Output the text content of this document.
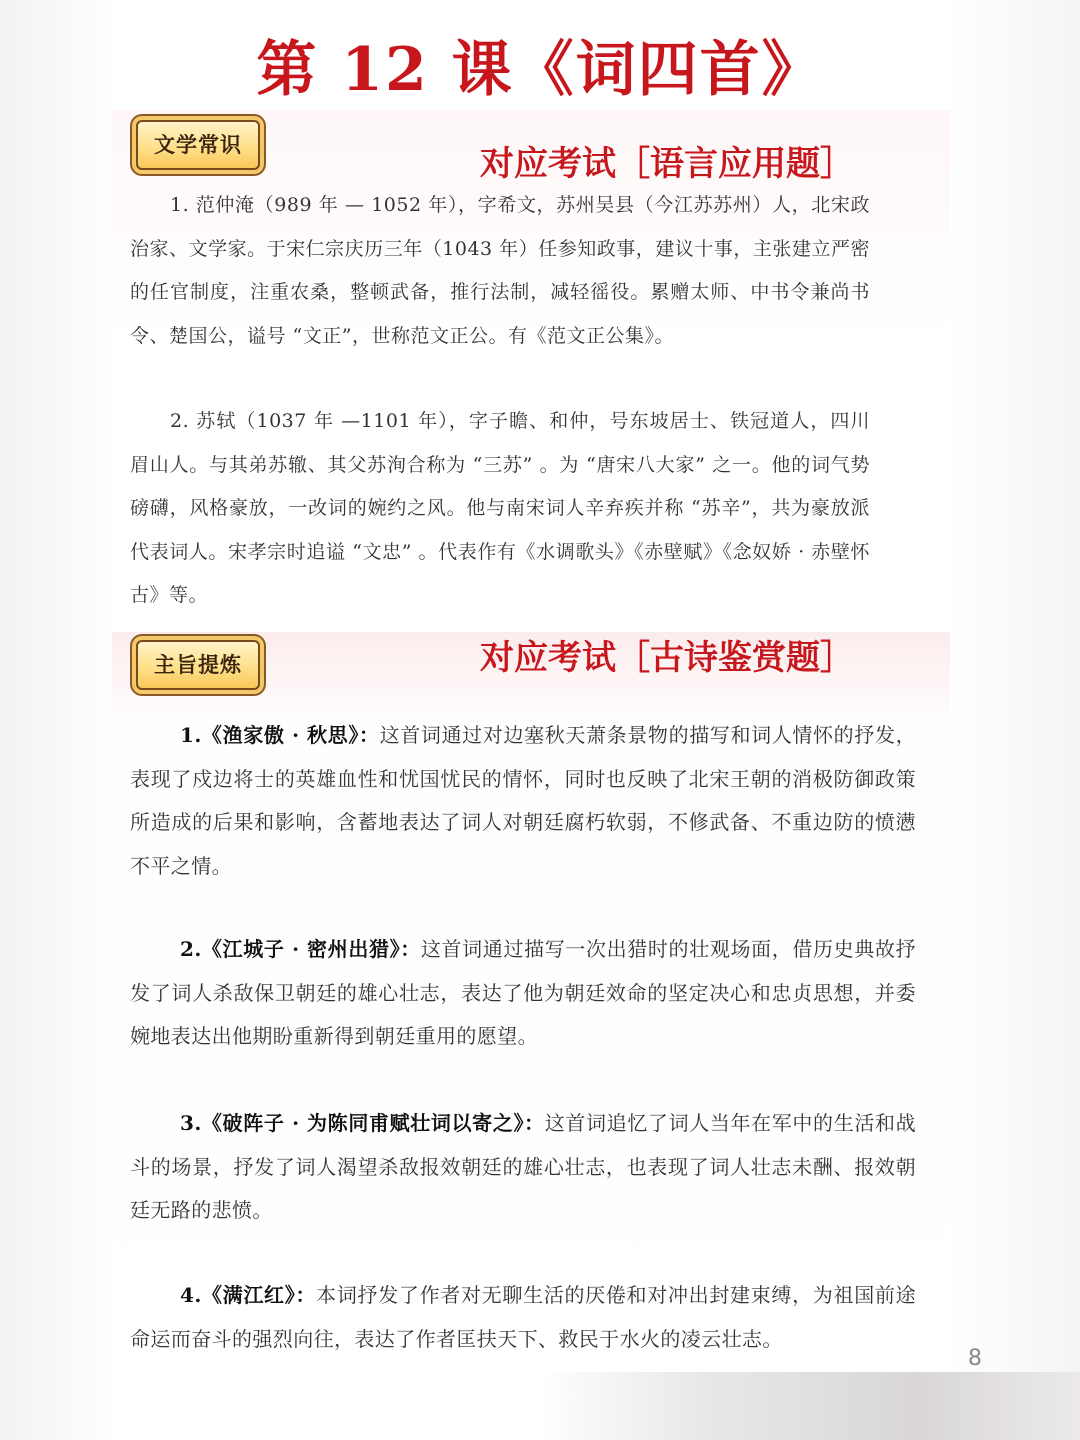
第 12 课《词四首》
文学常识	对应考试［语言应用题］

1. 范仲淹（989 年 — 1052 年），字希文，苏州吴县（今江苏苏州）人，北宋政治家、文学家。于宋仁宗庆历三年（1043 年）任参知政事，建议十事，主张建立严密的任官制度，注重农桑，整顿武备，推行法制，减轻徭役。累赠太师、中书令兼尚书令、楚国公，谥号 “文正”，世称范文正公。有《范文正公集》。

2. 苏轼（1037 年 —1101 年），字子瞻、和仲，号东坡居士、铁冠道人，四川眉山人。与其弟苏辙、其父苏洵合称为 “三苏” 。为 “唐宋八大家” 之一。他的词气势磅礴，风格豪放，一改词的婉约之风。他与南宋词人辛弃疾并称 “苏辛”，共为豪放派代表词人。宋孝宗时追谥 “文忠” 。代表作有《水调歌头》《赤壁赋》《念奴娇 · 赤壁怀古》等。

主旨提炼	对应考试［古诗鉴赏题］

1.《渔家傲 · 秋思》：这首词通过对边塞秋天萧条景物的描写和词人情怀的抒发，表现了戍边将士的英雄血性和忧国忧民的情怀，同时也反映了北宋王朝的消极防御政策所造成的后果和影响，含蓄地表达了词人对朝廷腐朽软弱，不修武备、不重边防的愤懑不平之情。

2.《江城子 · 密州出猎》：这首词通过描写一次出猎时的壮观场面，借历史典故抒发了词人杀敌保卫朝廷的雄心壮志，表达了他为朝廷效命的坚定决心和忠贞思想，并委婉地表达出他期盼重新得到朝廷重用的愿望。

3.《破阵子 · 为陈同甫赋壮词以寄之》：这首词追忆了词人当年在军中的生活和战斗的场景，抒发了词人渴望杀敌报效朝廷的雄心壮志，也表现了词人壮志未酬、报效朝廷无路的悲愤。

4.《满江红》：本词抒发了作者对无聊生活的厌倦和对冲出封建束缚，为祖国前途命运而奋斗的强烈向往，表达了作者匡扶天下、救民于水火的凌云壮志。

8
